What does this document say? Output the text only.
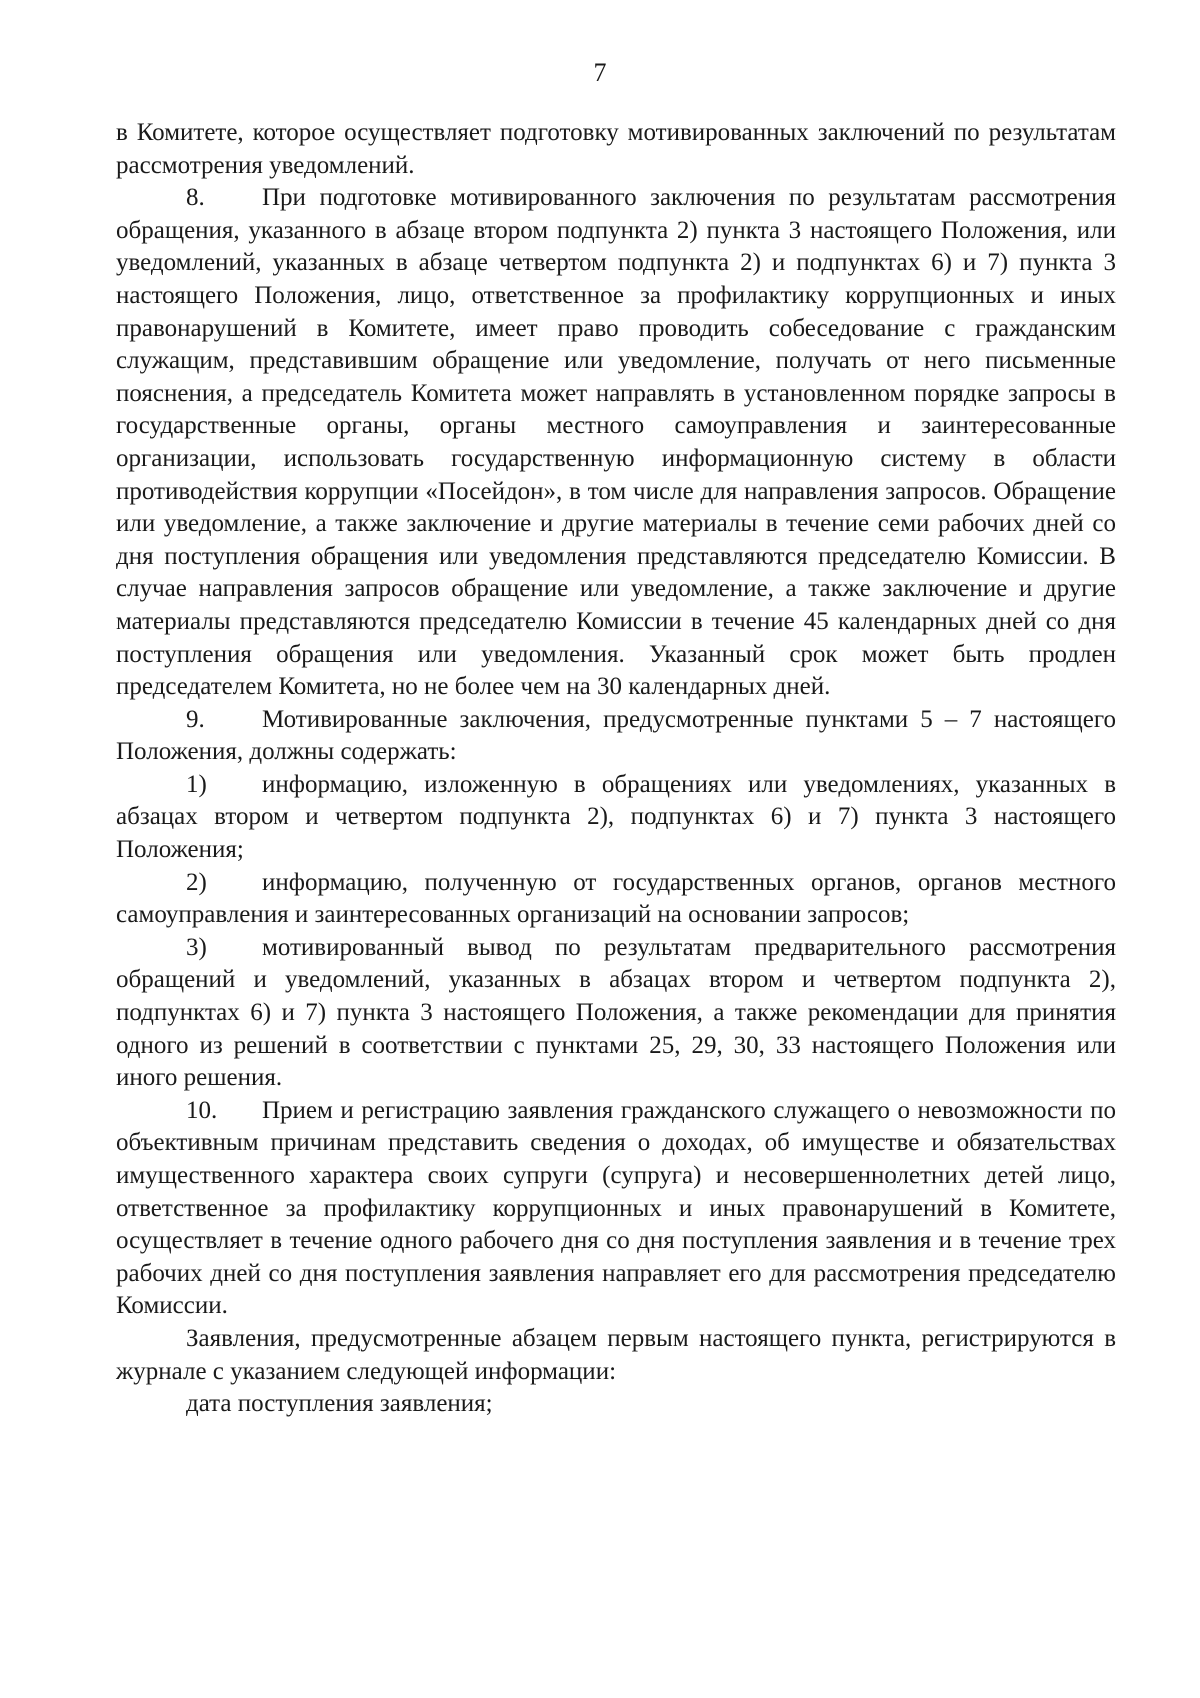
7

в Комитете, которое осуществляет подготовку мотивированных заключений по результатам рассмотрения уведомлений.

8. При подготовке мотивированного заключения по результатам рассмотрения обращения, указанного в абзаце втором подпункта 2) пункта 3 настоящего Положения, или уведомлений, указанных в абзаце четвертом подпункта 2) и подпунктах 6) и 7) пункта 3 настоящего Положения, лицо, ответственное за профилактику коррупционных и иных правонарушений в Комитете, имеет право проводить собеседование с гражданским служащим, представившим обращение или уведомление, получать от него письменные пояснения, а председатель Комитета может направлять в установленном порядке запросы в государственные органы, органы местного самоуправления и заинтересованные организации, использовать государственную информационную систему в области противодействия коррупции «Посейдон», в том числе для направления запросов. Обращение или уведомление, а также заключение и другие материалы в течение семи рабочих дней со дня поступления обращения или уведомления представляются председателю Комиссии. В случае направления запросов обращение или уведомление, а также заключение и другие материалы представляются председателю Комиссии в течение 45 календарных дней со дня поступления обращения или уведомления. Указанный срок может быть продлен председателем Комитета, но не более чем на 30 календарных дней.

9. Мотивированные заключения, предусмотренные пунктами 5 – 7 настоящего Положения, должны содержать:

1) информацию, изложенную в обращениях или уведомлениях, указанных в абзацах втором и четвертом подпункта 2), подпунктах 6) и 7) пункта 3 настоящего Положения;

2) информацию, полученную от государственных органов, органов местного самоуправления и заинтересованных организаций на основании запросов;

3) мотивированный вывод по результатам предварительного рассмотрения обращений и уведомлений, указанных в абзацах втором и четвертом подпункта 2), подпунктах 6) и 7) пункта 3 настоящего Положения, а также рекомендации для принятия одного из решений в соответствии с пунктами 25, 29, 30, 33 настоящего Положения или иного решения.

10. Прием и регистрацию заявления гражданского служащего о невозможности по объективным причинам представить сведения о доходах, об имуществе и обязательствах имущественного характера своих супруги (супруга) и несовершеннолетних детей лицо, ответственное за профилактику коррупционных и иных правонарушений в Комитете, осуществляет в течение одного рабочего дня со дня поступления заявления и в течение трех рабочих дней со дня поступления заявления направляет его для рассмотрения председателю Комиссии.

Заявления, предусмотренные абзацем первым настоящего пункта, регистрируются в журнале с указанием следующей информации:

дата поступления заявления;
